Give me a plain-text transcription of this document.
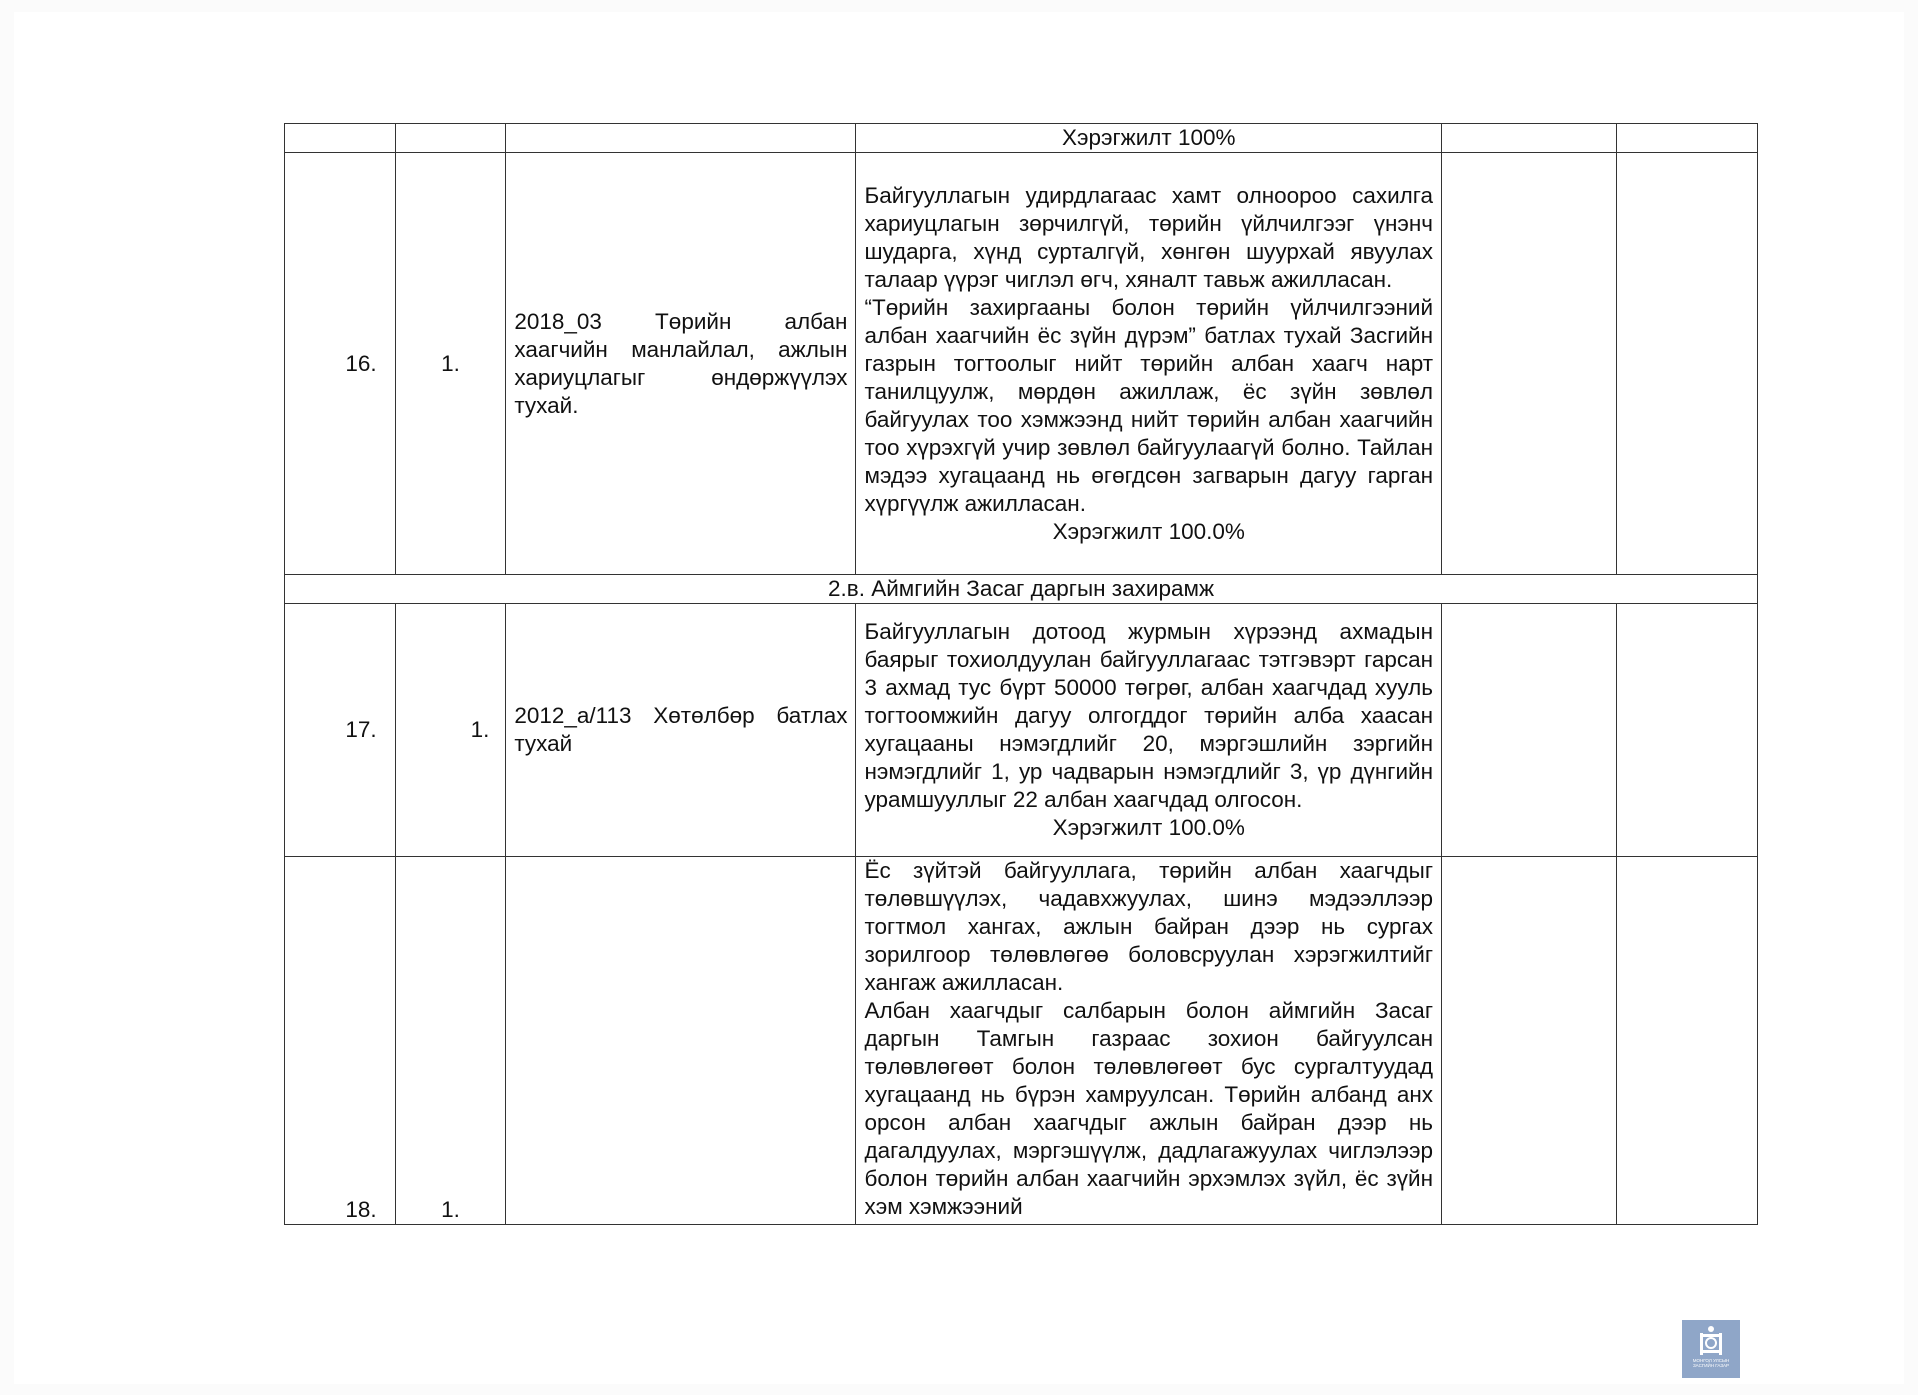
			Хэрэгжилт 100%		
16.	1.	2018_03 Төрийн албан хаагчийн манлайлал, ажлын хариуцлагыг өндөржүүлэх тухай.	Байгууллагын удирдлагаас хамт олноороо сахилга хариуцлагын зөрчилгүй, төрийн үйлчилгээг үнэнч шударга, хүнд сурталгүй, хөнгөн шуурхай явуулах талаар үүрэг чиглэл өгч, хяналт тавьж ажилласан.

“Төрийн захиргааны болон төрийн үйлчилгээний албан хаагчийн ёс зүйн дүрэм” батлах тухай Засгийн газрын тогтоолыг нийт төрийн албан хаагч нарт танилцуулж, мөрдөн ажиллаж, ёс зүйн зөвлөл байгуулах тоо хэмжээнд нийт төрийн албан хаагчийн тоо хүрэхгүй учир зөвлөл байгуулаагүй болно. Тайлан мэдээ хугацаанд нь өгөгдсөн загварын дагуу гарган хүргүүлж ажилласан.

Хэрэгжилт 100.0%		

2.в. Аймгийн Засаг даргын захирамж					
17.	1.	2012_а/113 Хөтөлбөр батлах тухай	Байгууллагын дотоод журмын хүрээнд ахмадын баярыг тохиолдуулан байгууллагаас тэтгэвэрт гарсан 3 ахмад тус бүрт 50000 төгрөг, албан хаагчдад хууль тогтоомжийн дагуу олгогддог төрийн алба хаасан хугацааны нэмэгдлийг 20, мэргэшлийн зэргийн нэмэгдлийг 1, ур чадварын нэмэгдлийг 3, үр дүнгийн урамшууллыг 22 албан хаагчдад олгосон.

Хэрэгжилт 100.0%		

18.	1.		Ёс зүйтэй байгууллага, төрийн албан хаагчдыг төлөвшүүлэх, чадавхжуулах, шинэ мэдээллээр тогтмол хангах, ажлын байран дээр нь сургах зорилгоор төлөвлөгөө боловсруулан хэрэгжилтийг хангаж ажилласан.

Албан хаагчдыг салбарын болон аймгийн Засаг даргын Тамгын газраас зохион байгуулсан төлөвлөгөөт болон төлөвлөгөөт бус сургалтуудад хугацаанд нь бүрэн хамруулсан. Төрийн албанд анх орсон албан хаагчдыг ажлын байран дээр нь дагалдуулах, мэргэшүүлж, дадлагажуулах чиглэлээр болон төрийн албан хаагчийн эрхэмлэх зүйл, ёс зүйн хэм хэмжээний		

МОНГОЛ УЛСЫН ЗАСГИЙН ГАЗАР
